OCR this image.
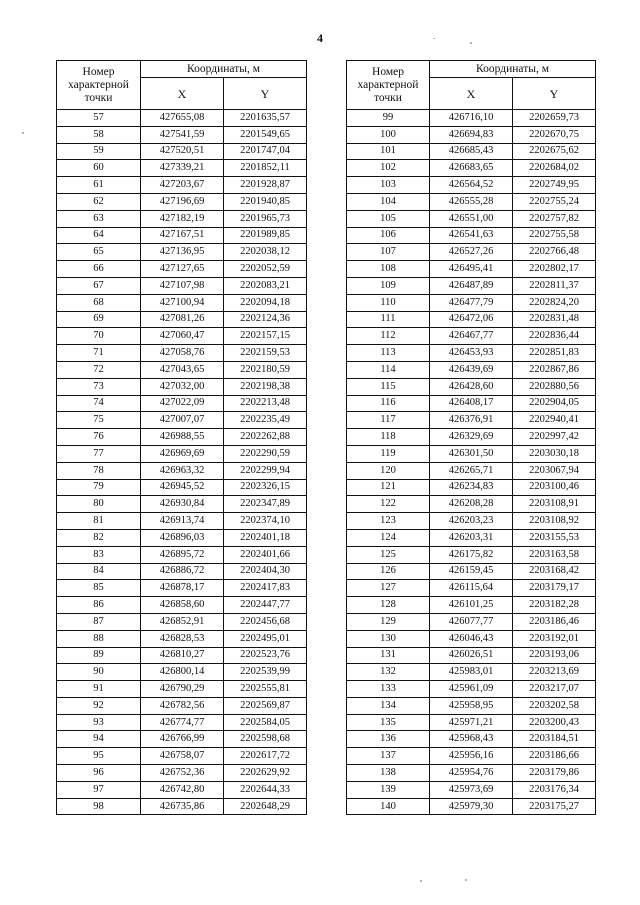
4
Номер характерной точки	Координаты, м	
	X	Y
57	427655,08	2201635,57
58	427541,59	2201549,65
59	427520,51	2201747,04
60	427339,21	2201852,11
61	427203,67	2201928,87
62	427196,69	2201940,85
63	427182,19	2201965,73
64	427167,51	2201989,85
65	427136,95	2202038,12
66	427127,65	2202052,59
67	427107,98	2202083,21
68	427100,94	2202094,18
69	427081,26	2202124,36
70	427060,47	2202157,15
71	427058,76	2202159,53
72	427043,65	2202180,59
73	427032,00	2202198,38
74	427022,09	2202213,48
75	427007,07	2202235,49
76	426988,55	2202262,88
77	426969,69	2202290,59
78	426963,32	2202299,94
79	426945,52	2202326,15
80	426930,84	2202347,89
81	426913,74	2202374,10
82	426896,03	2202401,18
83	426895,72	2202401,66
84	426886,72	2202404,30
85	426878,17	2202417,83
86	426858,60	2202447,77
87	426852,91	2202456,68
88	426828,53	2202495,01
89	426810,27	2202523,76
90	426800,14	2202539,99
91	426790,29	2202555,81
92	426782,56	2202569,87
93	426774,77	2202584,05
94	426766,99	2202598,68
95	426758,07	2202617,72
96	426752,36	2202629,92
97	426742,80	2202644,33
98	426735,86	2202648,29
Номер характерной точки	Координаты, м	
	X	Y
99	426716,10	2202659,73
100	426694,83	2202670,75
101	426685,43	2202675,62
102	426683,65	2202684,02
103	426564,52	2202749,95
104	426555,28	2202755,24
105	426551,00	2202757,82
106	426541,63	2202755,58
107	426527,26	2202766,48
108	426495,41	2202802,17
109	426487,89	2202811,37
110	426477,79	2202824,20
111	426472,06	2202831,48
112	426467,77	2202836,44
113	426453,93	2202851,83
114	426439,69	2202867,86
115	426428,60	2202880,56
116	426408,17	2202904,05
117	426376,91	2202940,41
118	426329,69	2202997,42
119	426301,50	2203030,18
120	426265,71	2203067,94
121	426234,83	2203100,46
122	426208,28	2203108,91
123	426203,23	2203108,92
124	426203,31	2203155,53
125	426175,82	2203163,58
126	426159,45	2203168,42
127	426115,64	2203179,17
128	426101,25	2203182,28
129	426077,77	2203186,46
130	426046,43	2203192,01
131	426026,51	2203193,06
132	425983,01	2203213,69
133	425961,09	2203217,07
134	425958,95	2203202,58
135	425971,21	2203200,43
136	425968,43	2203184,51
137	425956,16	2203186,66
138	425954,76	2203179,86
139	425973,69	2203176,34
140	425979,30	2203175,27
